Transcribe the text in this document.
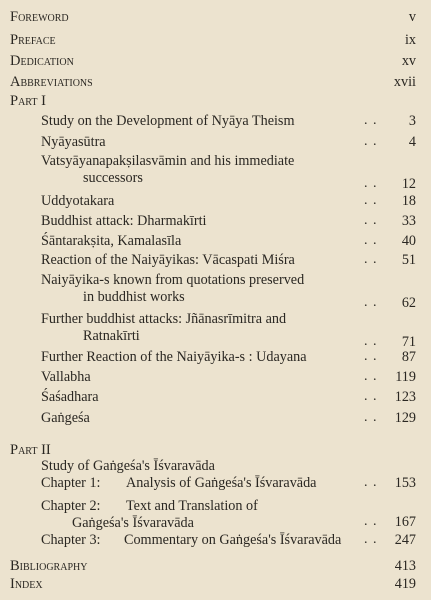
Foreword	v
Preface	ix
Dedication	xv
Abbreviations	xvii
Part I
Study on the Development of Nyāya Theism	. .	3
Nyāyasūtra	. .	4
Vatsyāyanapakṣilasvāmin and his immediate
successors	. .	12
Uddyotakara	. .	18
Buddhist attack: Dharmakīrti	. .	33
Śāntarakṣita, Kamalasīla	. .	40
Reaction of the Naiyāyikas: Vācaspati Miśra	. .	51
Naiyāyika-s known from quotations preserved
in buddhist works	. .	62
Further buddhist attacks: Jñānasrīmitra and
Ratnakīrti	. .	71
Further Reaction of the Naiyāyika-s : Udayana	. .	87
Vallabha	. .	119
Śaśadhara	. .	123
Gaṅgeśa	. .	129
Part II
Study of Gaṅgeśa's Īśvaravāda
Chapter 1: Analysis of Gaṅgeśa's Īśvaravāda	. .	153
Chapter 2: Text and Translation of
Gaṅgeśa's Īśvaravāda	. .	167
Chapter 3: Commentary on Gaṅgeśa's Īśvaravāda . .	247
Bibliography	413
Index	419
